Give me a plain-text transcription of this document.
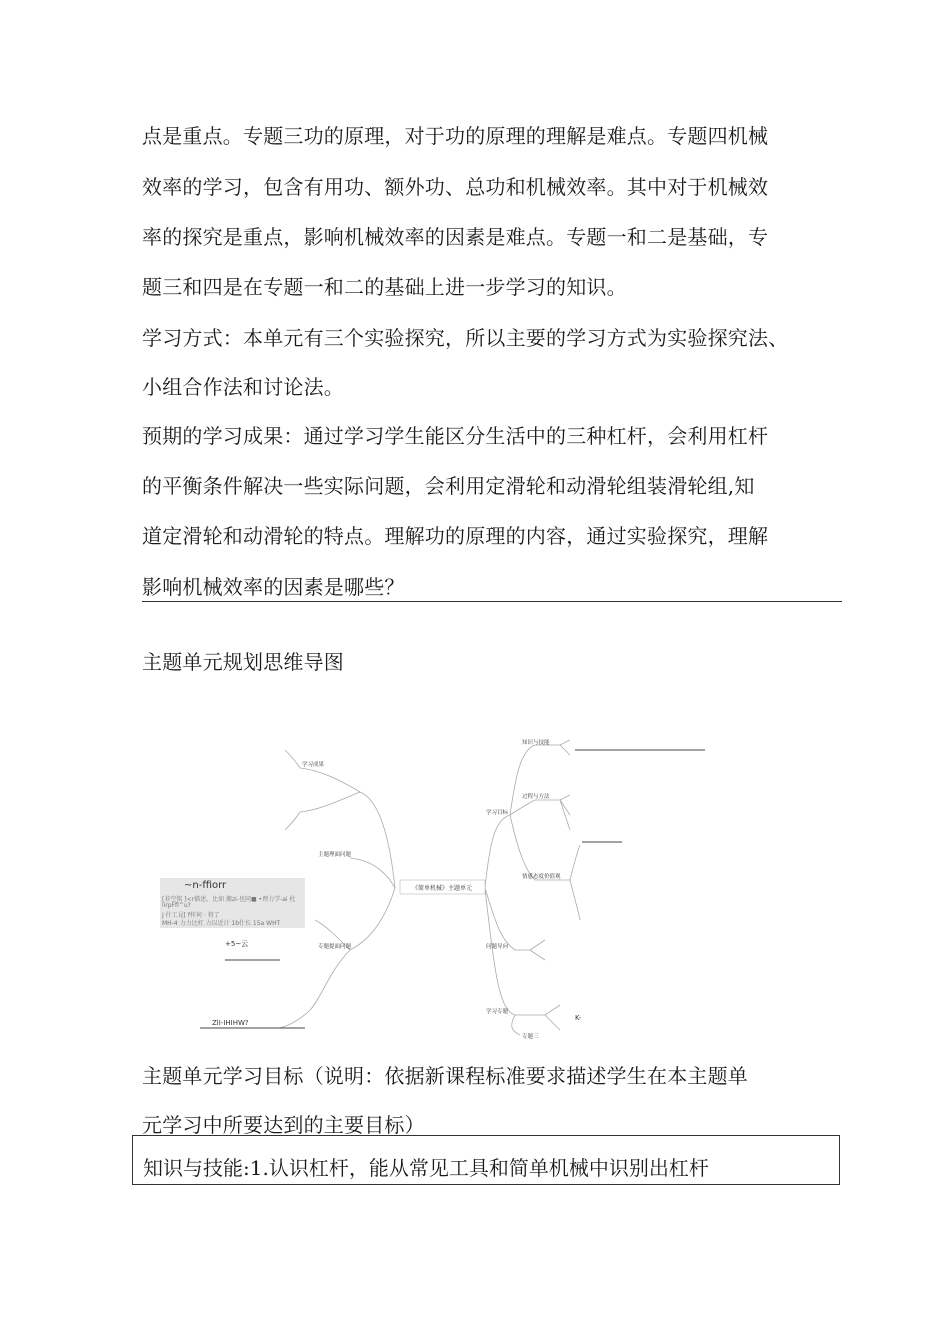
点是重点。专题三功的原理，对于功的原理的理解是难点。专题四机械
效率的学习，包含有用功、额外功、总功和机械效率。其中对于机械效
率的探究是重点，影响机械效率的因素是难点。专题一和二是基础，专
题三和四是在专题一和二的基础上进一步学习的知识。
学习方式：本单元有三个实验探究，所以主要的学习方式为实验探究法、
小组合作法和讨论法。
预期的学习成果：通过学习学生能区分生活中的三种杠杆，会利用杠杆
的平衡条件解决一些实际问题，会利用定滑轮和动滑轮组装滑轮组,知
道定滑轮和动滑轮的特点。理解功的原理的内容，通过实验探究，理解
影响机械效率的因素是哪些？
主题单元规划思维导图
《简单机械》主题单元
学习成果
主题理面问题
专题提面问题
学习目标
知识与技能
过程与方法
情感态度价值观
问题导向
学习专题
专题三
+5~云
ZlI-IHIHW?
K-
~n-ffiorr
[非空铭 ]<r描述。比如 搬zi-也同■ •理力学-ai 杜
lirpFfl^u?
J 什工見[ f样何 · 将了
MH-4 力力比杠 力以近计 1b什长 15a WHT
主题单元学习目标（说明：依据新课程标准要求描述学生在本主题单
元学习中所要达到的主要目标）
知识与技能:1.认识杠杆，能从常见工具和简单机械中识别出杠杆
